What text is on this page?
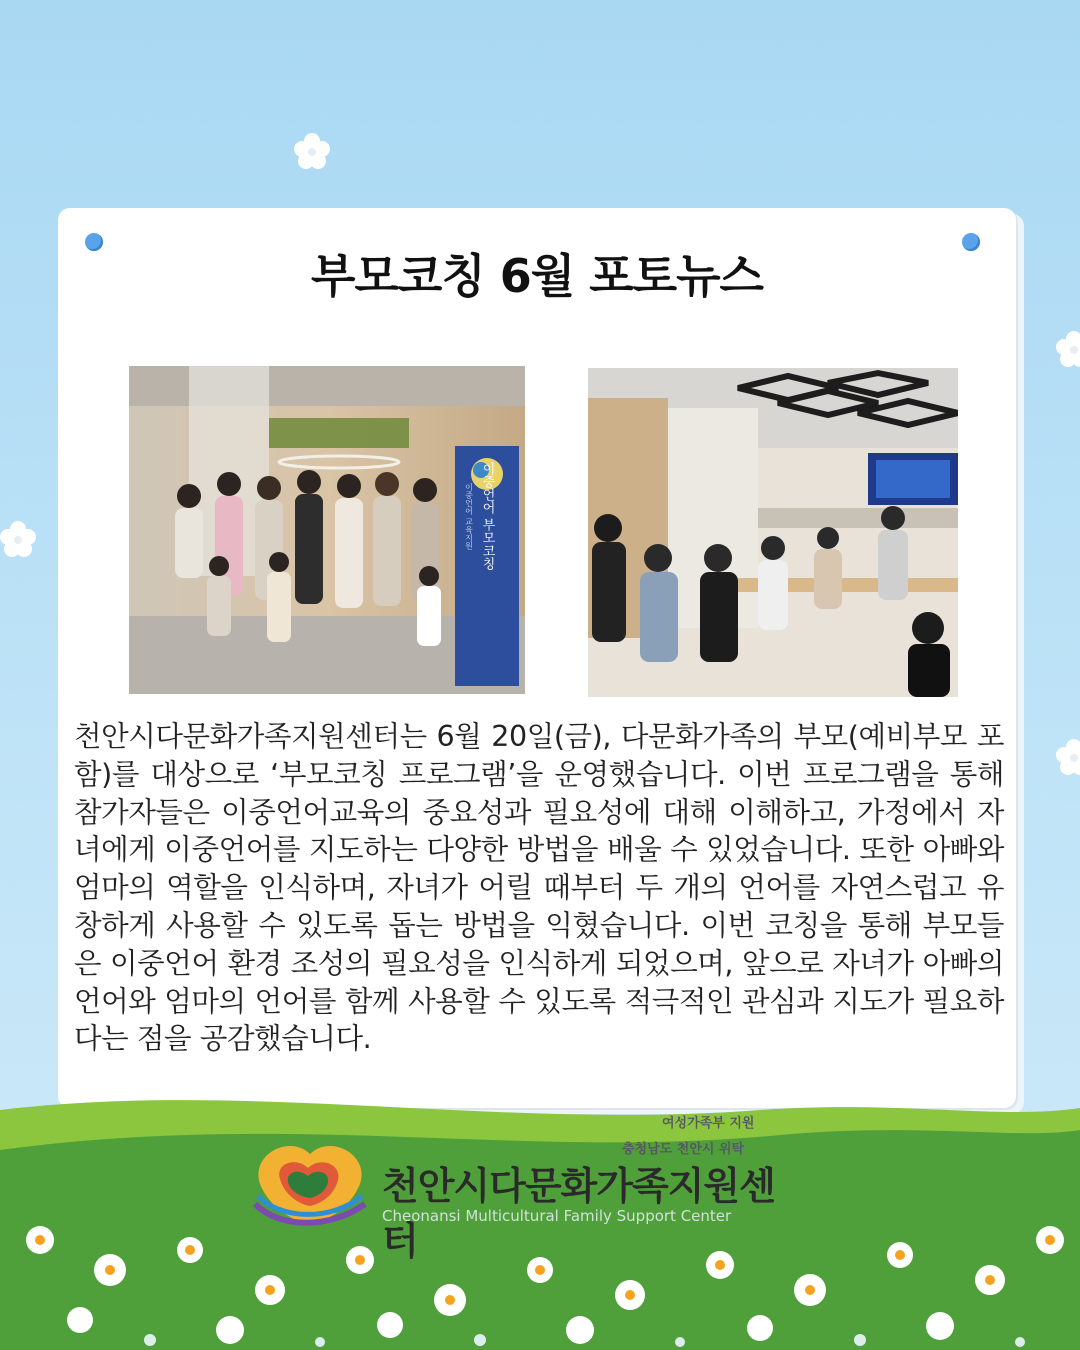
부모코칭 6월 포토뉴스
이중언어 부모코칭
이중언어 교육지원
천안시다문화가족지원센터는 6월 20일(금), 다문화가족의 부모(예비부모 포함)를 대상으로 ‘부모코칭 프로그램’을 운영했습니다. 이번 프로그램을 통해 참가자들은 이중언어교육의 중요성과 필요성에 대해 이해하고, 가정에서 자녀에게 이중언어를 지도하는 다양한 방법을 배울 수 있었습니다. 또한 아빠와 엄마의 역할을 인식하며, 자녀가 어릴 때부터 두 개의 언어를 자연스럽고 유창하게 사용할 수 있도록 돕는 방법을 익혔습니다. 이번 코칭을 통해 부모들은 이중언어 환경 조성의 필요성을 인식하게 되었으며, 앞으로 자녀가 아빠의 언어와 엄마의 언어를 함께 사용할 수 있도록 적극적인 관심과 지도가 필요하다는 점을 공감했습니다.
여성가족부 지원
충청남도 천안시 위탁
천안시다문화가족지원센터
Cheonansi Multicultural Family Support Center
